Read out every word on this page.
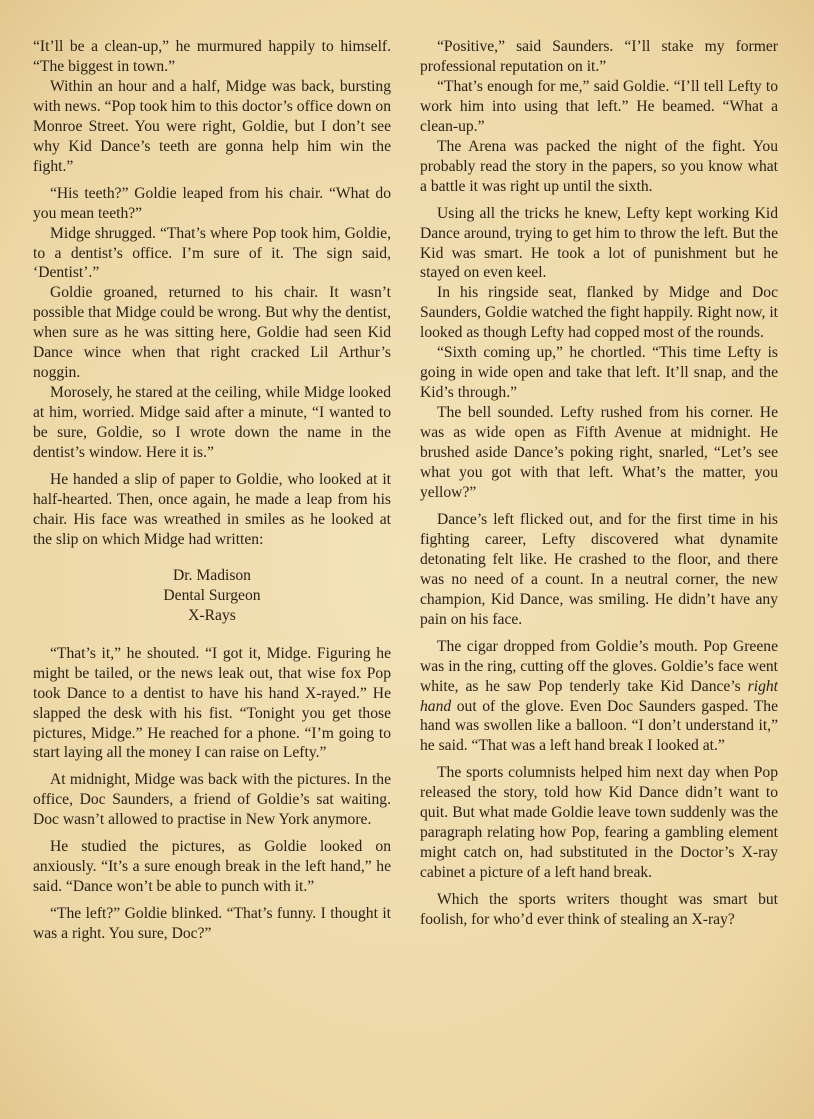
“It’ll be a clean-up,” he murmured happily to himself. “The biggest in town.”

Within an hour and a half, Midge was back, bursting with news. “Pop took him to this doctor’s office down on Monroe Street. You were right, Goldie, but I don’t see why Kid Dance’s teeth are gonna help him win the fight.”

“His teeth?” Goldie leaped from his chair. “What do you mean teeth?”

Midge shrugged. “That’s where Pop took him, Goldie, to a dentist’s office. I’m sure of it. The sign said, ‘Dentist’.”

Goldie groaned, returned to his chair. It wasn’t possible that Midge could be wrong. But why the dentist, when sure as he was sitting here, Goldie had seen Kid Dance wince when that right cracked Lil Arthur’s noggin.

Morosely, he stared at the ceiling, while Midge looked at him, worried. Midge said after a minute, “I wanted to be sure, Goldie, so I wrote down the name in the dentist’s window. Here it is.”

He handed a slip of paper to Goldie, who looked at it half-hearted. Then, once again, he made a leap from his chair. His face was wreathed in smiles as he looked at the slip on which Midge had written:

Dr. Madison
Dental Surgeon
X-Rays

“That’s it,” he shouted. “I got it, Midge. Figuring he might be tailed, or the news leak out, that wise fox Pop took Dance to a dentist to have his hand X-rayed.” He slapped the desk with his fist. “Tonight you get those pictures, Midge.” He reached for a phone. “I’m going to start laying all the money I can raise on Lefty.”

At midnight, Midge was back with the pictures. In the office, Doc Saunders, a friend of Goldie’s sat waiting. Doc wasn’t allowed to practise in New York anymore.

He studied the pictures, as Goldie looked on anxiously. “It’s a sure enough break in the left hand,” he said. “Dance won’t be able to punch with it.”

“The left?” Goldie blinked. “That’s funny. I thought it was a right. You sure, Doc?”

“Positive,” said Saunders. “I’ll stake my former professional reputation on it.”

“That’s enough for me,” said Goldie. “I’ll tell Lefty to work him into using that left.” He beamed. “What a clean-up.”

The Arena was packed the night of the fight. You probably read the story in the papers, so you know what a battle it was right up until the sixth.

Using all the tricks he knew, Lefty kept working Kid Dance around, trying to get him to throw the left. But the Kid was smart. He took a lot of punishment but he stayed on even keel.

In his ringside seat, flanked by Midge and Doc Saunders, Goldie watched the fight happily. Right now, it looked as though Lefty had copped most of the rounds.

“Sixth coming up,” he chortled. “This time Lefty is going in wide open and take that left. It’ll snap, and the Kid’s through.”

The bell sounded. Lefty rushed from his corner. He was as wide open as Fifth Avenue at midnight. He brushed aside Dance’s poking right, snarled, “Let’s see what you got with that left. What’s the matter, you yellow?”

Dance’s left flicked out, and for the first time in his fighting career, Lefty discovered what dynamite detonating felt like. He crashed to the floor, and there was no need of a count. In a neutral corner, the new champion, Kid Dance, was smiling. He didn’t have any pain on his face.

The cigar dropped from Goldie’s mouth. Pop Greene was in the ring, cutting off the gloves. Goldie’s face went white, as he saw Pop tenderly take Kid Dance’s right hand out of the glove. Even Doc Saunders gasped. The hand was swollen like a balloon. “I don’t understand it,” he said. “That was a left hand break I looked at.”

The sports columnists helped him next day when Pop released the story, told how Kid Dance didn’t want to quit. But what made Goldie leave town suddenly was the paragraph relating how Pop, fearing a gambling element might catch on, had substituted in the Doctor’s X-ray cabinet a picture of a left hand break.

Which the sports writers thought was smart but foolish, for who’d ever think of stealing an X-ray?
